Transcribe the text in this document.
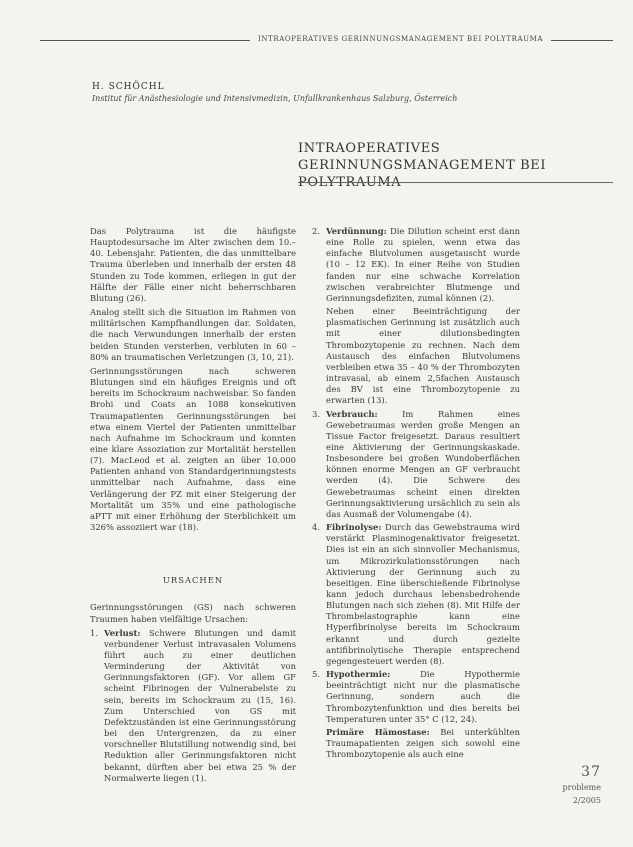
INTRAOPERATIVES GERINNUNGSMANAGEMENT BEI POLYTRAUMA
H. SCHÖCHL
Institut für Anästhesiologie und Intensivmedizin, Unfallkrankenhaus Salzburg, Österreich
INTRAOPERATIVES GERINNUNGSMANAGEMENT BEI POLYTRAUMA

Das Polytrauma ist die häufigste Hauptodesursache im Alter zwischen dem 10.–40. Lebensjahr. Patienten, die das unmittelbare Trauma überleben und innerhalb der ersten 48 Stunden zu Tode kommen, erliegen in gut der Hälfte der Fälle einer nicht beherrschbaren Blutung (26).

Analog stellt sich die Situation im Rahmen von militärischen Kampfhandlungen dar. Soldaten, die nach Verwundungen innerhalb der ersten beiden Stunden versterben, verbluten in 60 – 80% an traumatischen Verletzungen (3, 10, 21).

Gerinnungsstörungen nach schweren Blutungen sind ein häufiges Ereignis und oft bereits im Schockraum nachweisbar. So fanden Brohi und Coats an 1088 konsekutiven Traumapatienten Gerinnungsstörungen bei etwa einem Viertel der Patienten unmittelbar nach Aufnahme im Schockraum und konnten eine klare Assoziation zur Mortalität herstellen (7). MacLeod et al. zeigten an über 10.000 Patienten anhand von Standardgerinnungstests unmittelbar nach Aufnahme, dass eine Verlängerung der PZ mit einer Steigerung der Mortalität um 35% und eine pathologische aPTT mit einer Erhöhung der Sterblichkeit um 326% assoziiert war (18).

URSACHEN

Gerinnungsstörungen (GS) nach schweren Traumen haben vielfältige Ursachen:

1. Verlust: Schwere Blutungen und damit verbundener Verlust intravasalen Volumens führt auch zu einer deutlichen Verminderung der Aktivität von Gerinnungsfaktoren (GF). Vor allem GF scheint Fibrinogen der Vulnerabelste zu sein, bereits im Schockraum zu (15, 16). Zum Unterschied von GS mit Defektzuständen ist eine Gerinnungsstörung bei den Untergrenzen, da zu einer vorschneller Blutstillung notwendig sind, bei Reduktion aller Gerinnungsfaktoren nicht bekannt, dürften aber bei etwa 25 % der Normalwerte liegen (1).
2. Verdünnung: Die Dilution scheint erst dann eine Rolle zu spielen, wenn etwa das einfache Blutvolumen ausgetauscht wurde (10 – 12 EK). In einer Reihe von Studien fanden nur eine schwache Korrelation zwischen verabreichter Blutmenge und Gerinnungsdefiziten, zumal können (2).
Neben einer Beeinträchtigung der plasmatischen Gerinnung ist zusätzlich auch mit einer dilutionsbedingten Thrombozytopenie zu rechnen. Nach dem Austausch des einfachen Blutvolumens verbleiben etwa 35 – 40 % der Thrombozyten intravasal, ab einem 2,5fachen Austausch des BV ist eine Thrombozytopenie zu erwarten (13).
3. Verbrauch:	Im Rahmen eines Gewebetraumas werden große Mengen an Tissue Factor freigesetzt. Daraus resultiert eine Aktivierung der Gerinnungskaskade. Insbesondere bei großen Wundoberflächen können enorme Mengen an GF verbraucht werden (4). Die Schwere des Gewebetraumas scheint einen direkten Gerinnungsaktivierung ursächlich zu sein als das Ausmaß der Volumengabe (4).
4. Fibrinolyse: Durch das Gewebstrauma wird verstärkt Plasminogenaktivator freigesetzt. Dies ist ein an sich sinnvoller Mechanismus, um Mikrozirkulationsstörungen nach Aktivierung der Gerinnung auch zu beseitigen. Eine überschießende Fibrinolyse kann jedoch durchaus lebensbedrohende Blutungen nach sich ziehen (8). Mit Hilfe der Thrombelastographie kann eine Hyperfibrinolyse bereits im Schockraum erkannt und durch gezielte antifibrinolytische Therapie entsprechend gegengesteuert werden (8).
5. Hypothermie:	Die Hypothermie beeinträchtigt nicht nur die plasmatische Gerinnung, sondern auch die Thrombozytenfunktion und dies bereits bei Temperaturen unter 35° C (12, 24).
Primäre Hämostase: Bei unterkühlten Traumapatienten zeigen sich sowohl eine Thrombozytopenie als auch eine
37
probleme
2/2005
